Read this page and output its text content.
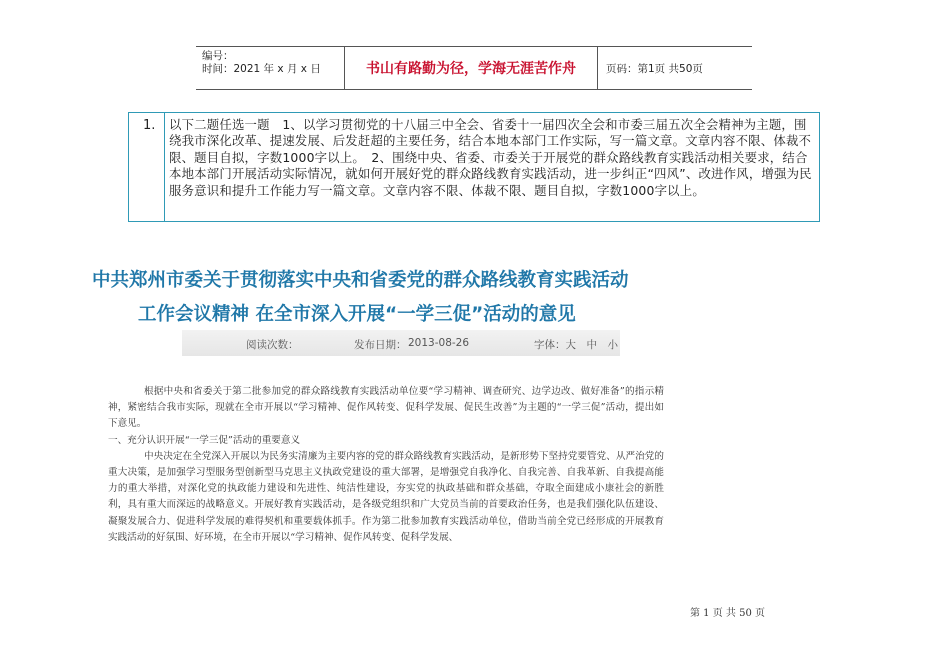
编号：
时间：2021 年 x 月 x 日	书山有路勤为径，学海无涯苦作舟	页码：第1页 共50页
1.	以下二题任选一题　1、以学习贯彻党的十八届三中全会、省委十一届四次全会和市委三届五次全会精神为主题，围绕我市深化改革、提速发展、后发赶超的主要任务，结合本地本部门工作实际，写一篇文章。文章内容不限、体裁不限、题目自拟，字数1000字以上。　2、围绕中央、省委、市委关于开展党的群众路线教育实践活动相关要求，结合本地本部门开展活动实际情况，就如何开展好党的群众路线教育实践活动，进一步纠正“四风”、改进作风，增强为民服务意识和提升工作能力写一篇文章。文章内容不限、体裁不限、题目自拟，字数1000字以上。
中共郑州市委关于贯彻落实中央和省委党的群众路线教育实践活动
工作会议精神 在全市深入开展“一学三促”活动的意见
阅读次数：	发布日期： 2013-08-26	字体：大　中　小

根据中央和省委关于第二批参加党的群众路线教育实践活动单位要“学习精神、调查研究、边学边改、做好准备”的指示精神，紧密结合我市实际，现就在全市开展以“学习精神、促作风转变、促科学发展、促民生改善”为主题的“一学三促”活动，提出如下意见。

一、充分认识开展“一学三促”活动的重要意义

中央决定在全党深入开展以为民务实清廉为主要内容的党的群众路线教育实践活动，是新形势下坚持党要管党、从严治党的重大决策，是加强学习型服务型创新型马克思主义执政党建设的重大部署，是增强党自我净化、自我完善、自我革新、自我提高能力的重大举措，对深化党的执政能力建设和先进性、纯洁性建设，夯实党的执政基础和群众基础，夺取全面建成小康社会的新胜利，具有重大而深远的战略意义。开展好教育实践活动，是各级党组织和广大党员当前的首要政治任务，也是我们强化队伍建设、凝聚发展合力、促进科学发展的难得契机和重要载体抓手。作为第二批参加教育实践活动单位，借助当前全党已经形成的开展教育实践活动的好氛围、好环境，在全市开展以“学习精神、促作风转变、促科学发展、

第 1 页 共 50 页
